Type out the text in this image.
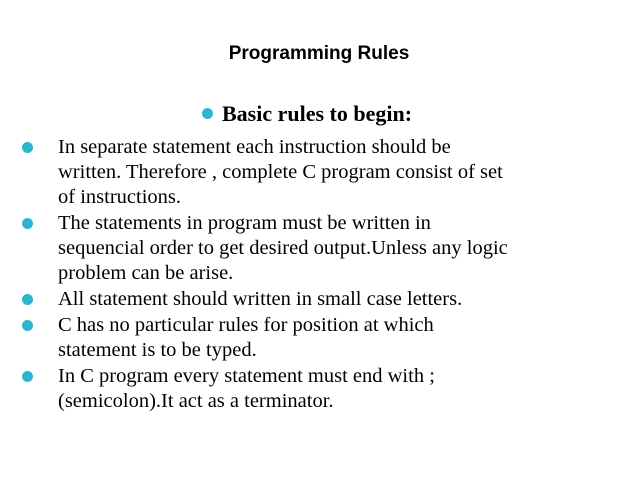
Programming Rules
Basic rules to begin:
In separate statement each instruction should be
written. Therefore , complete C program consist of set
of instructions.
The statements in program must be written in
sequencial order to get desired output.Unless any logic
problem can be arise.
All statement should written in small case letters.
C has no particular rules for position at which
statement is to be typed.
In C program every statement must end with ;
(semicolon).It act as a terminator.
